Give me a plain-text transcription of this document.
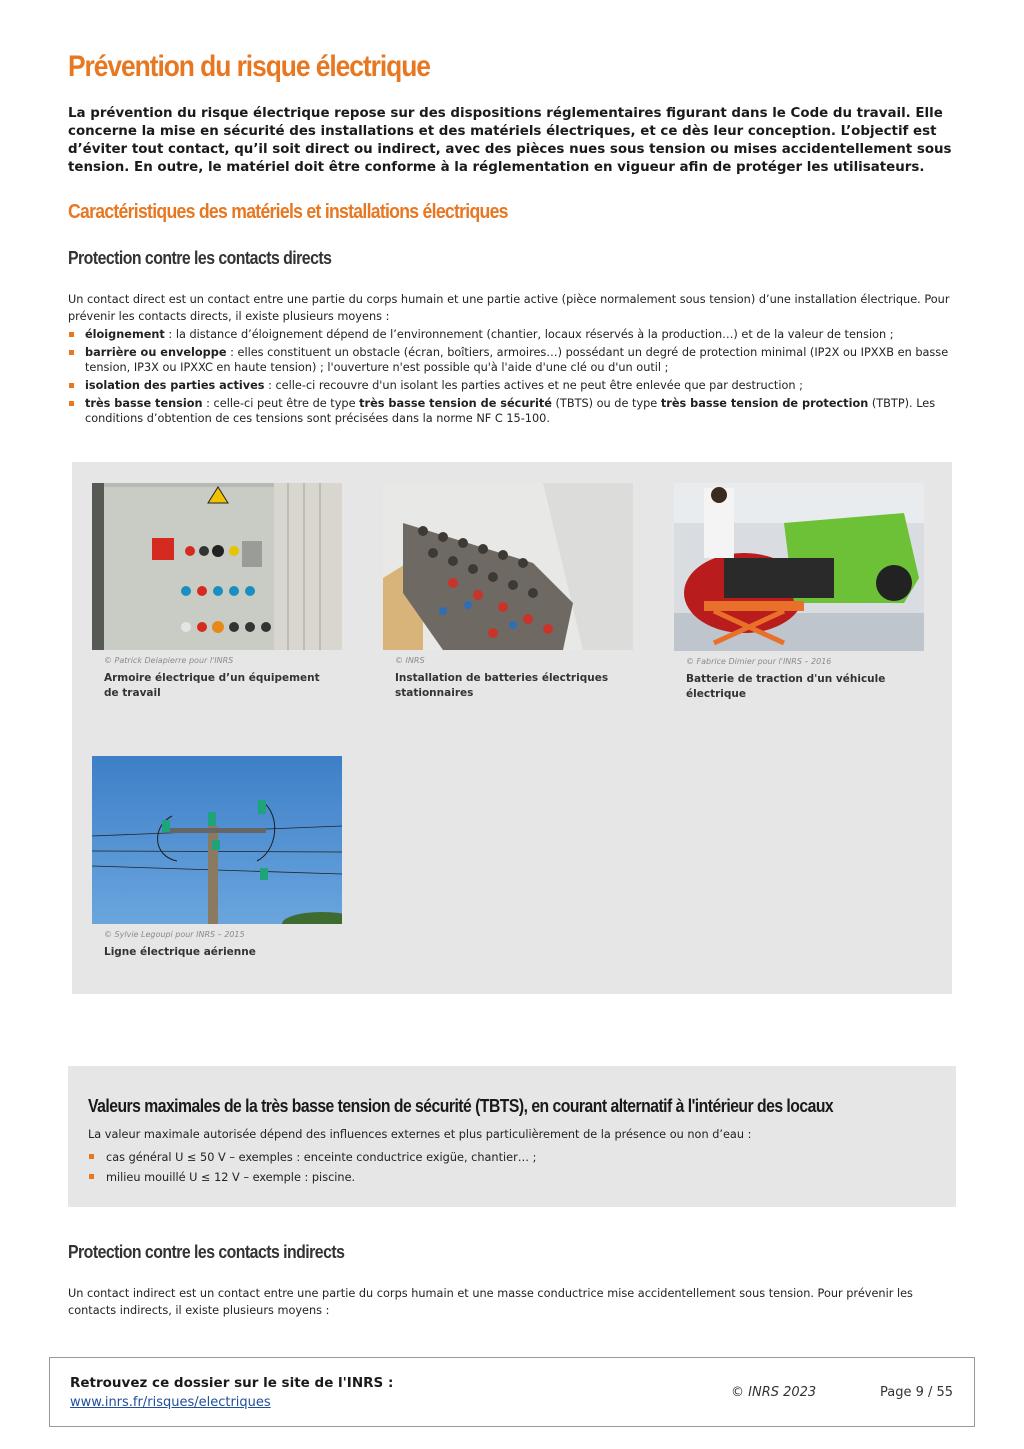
Prévention du risque électrique

La prévention du risque électrique repose sur des dispositions réglementaires figurant dans le Code du travail. Elle concerne la mise en sécurité des installations et des matériels électriques, et ce dès leur conception. L’objectif est d’éviter tout contact, qu’il soit direct ou indirect, avec des pièces nues sous tension ou mises accidentellement sous tension. En outre, le matériel doit être conforme à la réglementation en vigueur afin de protéger les utilisateurs.

Caractéristiques des matériels et installations électriques
Protection contre les contacts directs

Un contact direct est un contact entre une partie du corps humain et une partie active (pièce normalement sous tension) d’une installation électrique. Pour prévenir les contacts directs, il existe plusieurs moyens :

éloignement : la distance d’éloignement dépend de l’environnement (chantier, locaux réservés à la production…) et de la valeur de tension ;
barrière ou enveloppe : elles constituent un obstacle (écran, boîtiers, armoires…) possédant un degré de protection minimal (IP2X ou IPXXB en basse tension, IP3X ou IPXXC en haute tension) ; l'ouverture n'est possible qu'à l'aide d'une clé ou d'un outil ;
isolation des parties actives : celle-ci recouvre d'un isolant les parties actives et ne peut être enlevée que par destruction ;
très basse tension : celle-ci peut être de type très basse tension de sécurité (TBTS) ou de type très basse tension de protection (TBTP). Les conditions d’obtention de ces tensions sont précisées dans la norme NF C 15-100.

© Patrick Delapierre pour l'INRS

Armoire électrique d’un équipement de travail

© INRS

Installation de batteries électriques stationnaires

© Fabrice Dimier pour l'INRS – 2016

Batterie de traction d'un véhicule électrique

© Sylvie Legoupi pour INRS – 2015

Ligne électrique aérienne

Valeurs maximales de la très basse tension de sécurité (TBTS), en courant alternatif à l'intérieur des locaux

La valeur maximale autorisée dépend des influences externes et plus particulièrement de la présence ou non d’eau :

cas général U ≤ 50 V – exemples : enceinte conductrice exigüe, chantier… ;
milieu mouillé U ≤ 12 V – exemple : piscine.
Protection contre les contacts indirects

Un contact indirect est un contact entre une partie du corps humain et une masse conductrice mise accidentellement sous tension. Pour prévenir les contacts indirects, il existe plusieurs moyens :

Retrouvez ce dossier sur le site de l'INRS :

www.inrs.fr/risques/electriques
© INRS 2023	Page 9 / 55
